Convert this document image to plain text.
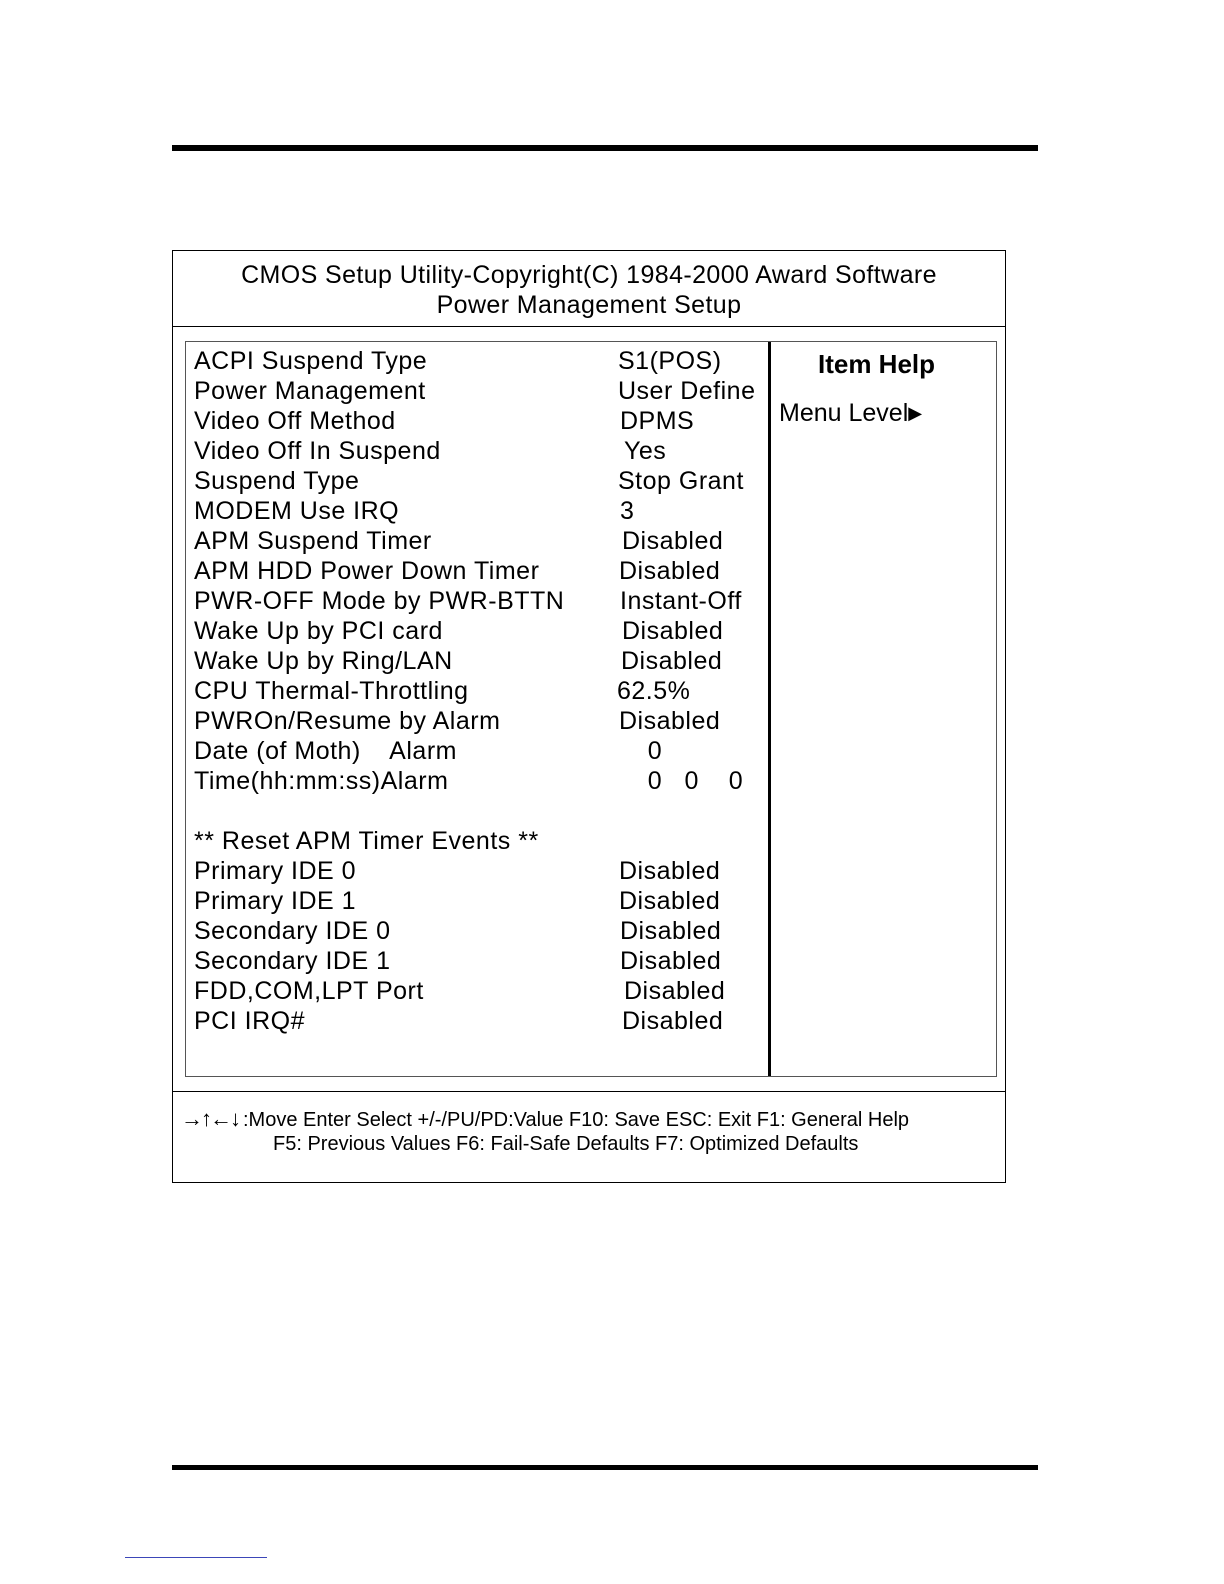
CMOS Setup Utility-Copyright(C) 1984-2000 Award Software
Power Management Setup
ACPI Suspend Type	S1(POS)
Power Management	User Define
Video Off Method	DPMS
Video Off In Suspend	Yes
Suspend Type	Stop Grant
MODEM Use IRQ	3
APM Suspend Timer	Disabled
APM HDD Power Down Timer	Disabled
PWR-OFF Mode by PWR-BTTN Instant-Off
Wake Up by PCI card	Disabled
Wake Up by Ring/LAN	Disabled
CPU Thermal-Throttling	62.5%
PWROn/Resume by Alarm	Disabled
Date (of Moth)    Alarm	0
Time(hh:mm:ss)Alarm	0   0    0
** Reset APM Timer Events **
Primary IDE 0	Disabled
Primary IDE 1	Disabled
Secondary IDE 0	Disabled
Secondary IDE 1	Disabled
FDD,COM,LPT Port	Disabled
PCI IRQ#	Disabled
Item Help
Menu Level▶
→↑←↓ :Move Enter Select +/-/PU/PD:Value F10: Save ESC: Exit F1: General Help
F5: Previous Values F6: Fail-Safe Defaults F7: Optimized Defaults
